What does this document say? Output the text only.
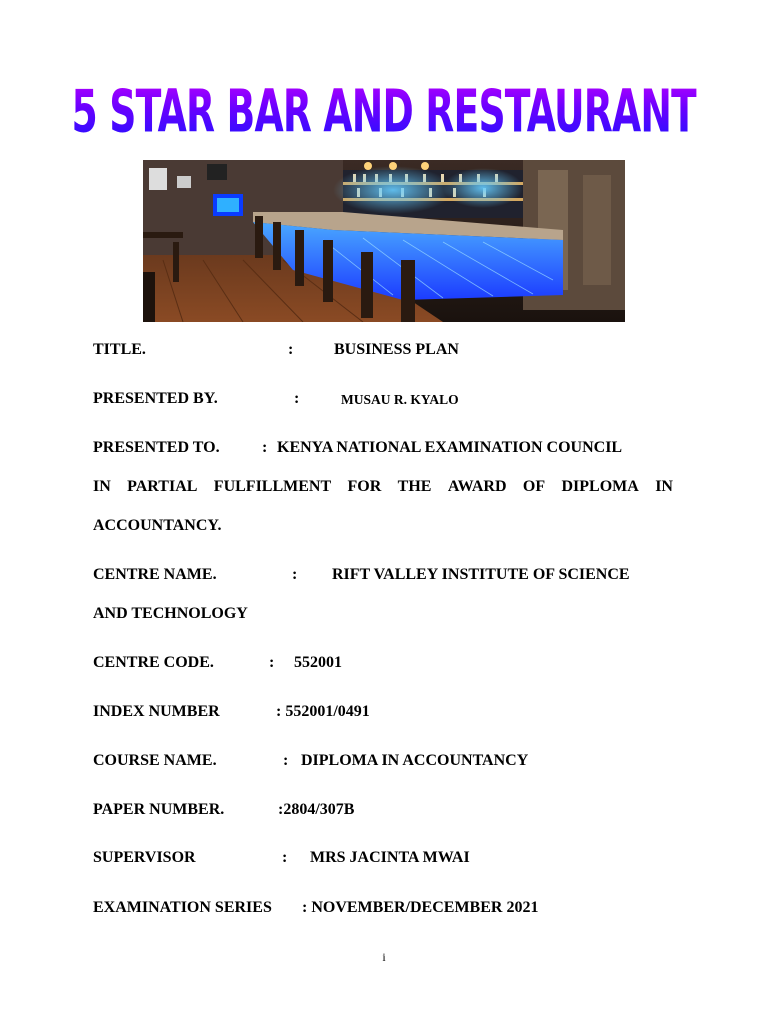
5 STAR BAR AND RESTAURANT
TITLE.	:	BUSINESS PLAN
PRESENTED BY.	:	MUSAU R. KYALO
PRESENTED TO.	: KENYA NATIONAL EXAMINATION COUNCIL
IN PARTIAL FULFILLMENT FOR THE AWARD OF DIPLOMA IN
ACCOUNTANCY.
CENTRE NAME.	: RIFT VALLEY INSTITUTE OF SCIENCE
AND TECHNOLOGY
CENTRE CODE.	: 552001
INDEX NUMBER	: 552001/0491
COURSE NAME.	: DIPLOMA IN ACCOUNTANCY
PAPER NUMBER.	:2804/307B
SUPERVISOR	: MRS JACINTA MWAI
EXAMINATION SERIES : NOVEMBER/DECEMBER 2021
i
